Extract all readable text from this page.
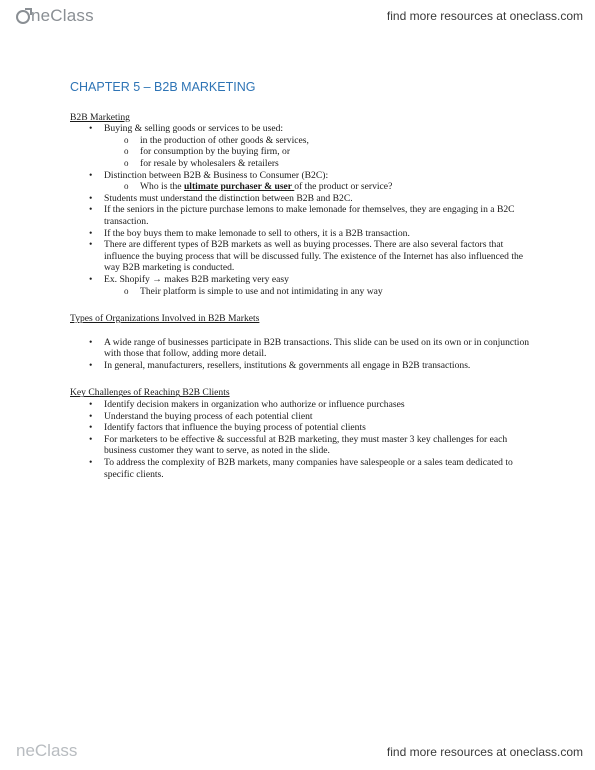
neClass	find more resources at oneclass.com
CHAPTER 5 – B2B MARKETING

B2B Marketing

• Buying & selling goods or services to be used:
o in the production of other goods & services,
o for consumption by the buying firm, or
o for resale by wholesalers & retailers
• Distinction between B2B & Business to Consumer (B2C):
o Who is the ultimate purchaser & user of the product or service?
• Students must understand the distinction between B2B and B2C.
• If the seniors in the picture purchase lemons to make lemonade for themselves, they are engaging in a B2C transaction.
• If the boy buys them to make lemonade to sell to others, it is a B2B transaction.
• There are different types of B2B markets as well as buying processes. There are also several factors that influence the buying process that will be discussed fully. The existence of the Internet has also influenced the way B2B marketing is conducted.
• Ex. Shopify → makes B2B marketing very easy
o Their platform is simple to use and not intimidating in any way

Types of Organizations Involved in B2B Markets

• A wide range of businesses participate in B2B transactions. This slide can be used on its own or in conjunction with those that follow, adding more detail.
• In general, manufacturers, resellers, institutions & governments all engage in B2B transactions.

Key Challenges of Reaching B2B Clients

• Identify decision makers in organization who authorize or influence purchases
• Understand the buying process of each potential client
• Identify factors that influence the buying process of potential clients
• For marketers to be effective & successful at B2B marketing, they must master 3 key challenges for each business customer they want to serve, as noted in the slide.
• To address the complexity of B2B markets, many companies have salespeople or a sales team dedicated to specific clients.
neClass	find more resources at oneclass.com
